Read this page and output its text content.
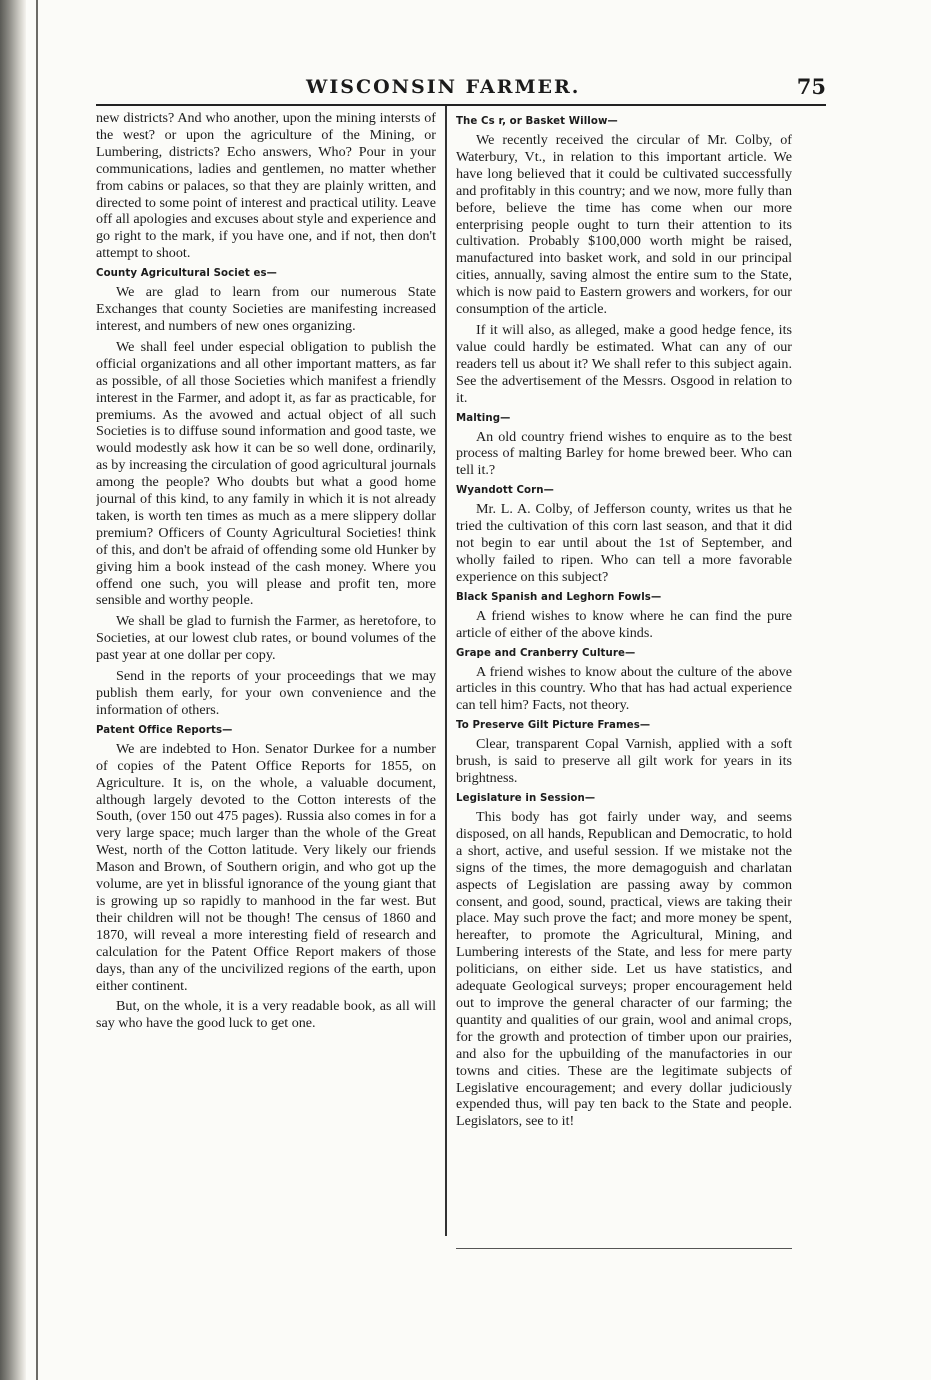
WISCONSIN FARMER.	75

new districts? And who another, upon the mining intersts of the west? or upon the agriculture of the Mining, or Lumbering, districts? Echo answers, Who? Pour in your communications, ladies and gentlemen, no matter whether from cabins or palaces, so that they are plainly written, and directed to some point of interest and practical utility. Leave off all apologies and excuses about style and experience and go right to the mark, if you have one, and if not, then don't attempt to shoot.

County Agricultural Societ es—

We are glad to learn from our numerous State Exchanges that county Societies are manifesting increased interest, and numbers of new ones organizing.

We shall feel under especial obligation to publish the official organizations and all other important matters, as far as possible, of all those Societies which manifest a friendly interest in the Farmer, and adopt it, as far as practicable, for premiums. As the avowed and actual object of all such Societies is to diffuse sound information and good taste, we would modestly ask how it can be so well done, ordinarily, as by increasing the circulation of good agricultural journals among the people? Who doubts but what a good home journal of this kind, to any family in which it is not already taken, is worth ten times as much as a mere slippery dollar premium? Officers of County Agricultural Societies! think of this, and don't be afraid of offending some old Hunker by giving him a book instead of the cash money. Where you offend one such, you will please and profit ten, more sensible and worthy people.

We shall be glad to furnish the Farmer, as heretofore, to Societies, at our lowest club rates, or bound volumes of the past year at one dollar per copy.

Send in the reports of your proceedings that we may publish them early, for your own convenience and the information of others.

Patent Office Reports—

We are indebted to Hon. Senator Durkee for a number of copies of the Patent Office Reports for 1855, on Agriculture. It is, on the whole, a valuable document, although largely devoted to the Cotton interests of the South, (over 150 out 475 pages). Russia also comes in for a very large space; much larger than the whole of the Great West, north of the Cotton latitude. Very likely our friends Mason and Brown, of Southern origin, and who got up the volume, are yet in blissful ignorance of the young giant that is growing up so rapidly to manhood in the far west. But their children will not be though! The census of 1860 and 1870, will reveal a more interesting field of research and calculation for the Patent Office Report makers of those days, than any of the uncivilized regions of the earth, upon either continent.

But, on the whole, it is a very readable book, as all will say who have the good luck to get one.

The Cs r, or Basket Willow—

We recently received the circular of Mr. Colby, of Waterbury, Vt., in relation to this important article. We have long believed that it could be cultivated successfully and profitably in this country; and we now, more fully than before, believe the time has come when our more enterprising people ought to turn their attention to its cultivation. Probably $100,000 worth might be raised, manufactured into basket work, and sold in our principal cities, annually, saving almost the entire sum to the State, which is now paid to Eastern growers and workers, for our consumption of the article.

If it will also, as alleged, make a good hedge fence, its value could hardly be estimated. What can any of our readers tell us about it? We shall refer to this subject again. See the advertisement of the Messrs. Osgood in relation to it.

Malting—

An old country friend wishes to enquire as to the best process of malting Barley for home brewed beer. Who can tell it.?

Wyandott Corn—

Mr. L. A. Colby, of Jefferson county, writes us that he tried the cultivation of this corn last season, and that it did not begin to ear until about the 1st of September, and wholly failed to ripen. Who can tell a more favorable experience on this subject?

Black Spanish and Leghorn Fowls—

A friend wishes to know where he can find the pure article of either of the above kinds.

Grape and Cranberry Culture—

A friend wishes to know about the culture of the above articles in this country. Who that has had actual experience can tell him? Facts, not theory.

To Preserve Gilt Picture Frames—

Clear, transparent Copal Varnish, applied with a soft brush, is said to preserve all gilt work for years in its brightness.

Legislature in Session—

This body has got fairly under way, and seems disposed, on all hands, Republican and Democratic, to hold a short, active, and useful session. If we mistake not the signs of the times, the more demagoguish and charlatan aspects of Legislation are passing away by common consent, and good, sound, practical, views are taking their place. May such prove the fact; and more money be spent, hereafter, to promote the Agricultural, Mining, and Lumbering interests of the State, and less for mere party politicians, on either side. Let us have statistics, and adequate Geological surveys; proper encouragement held out to improve the general character of our farming; the quantity and qualities of our grain, wool and animal crops, for the growth and protection of timber upon our prairies, and also for the upbuilding of the manufactories in our towns and cities. These are the legitimate subjects of Legislative encouragement; and every dollar judiciously expended thus, will pay ten back to the State and people. Legislators, see to it!
